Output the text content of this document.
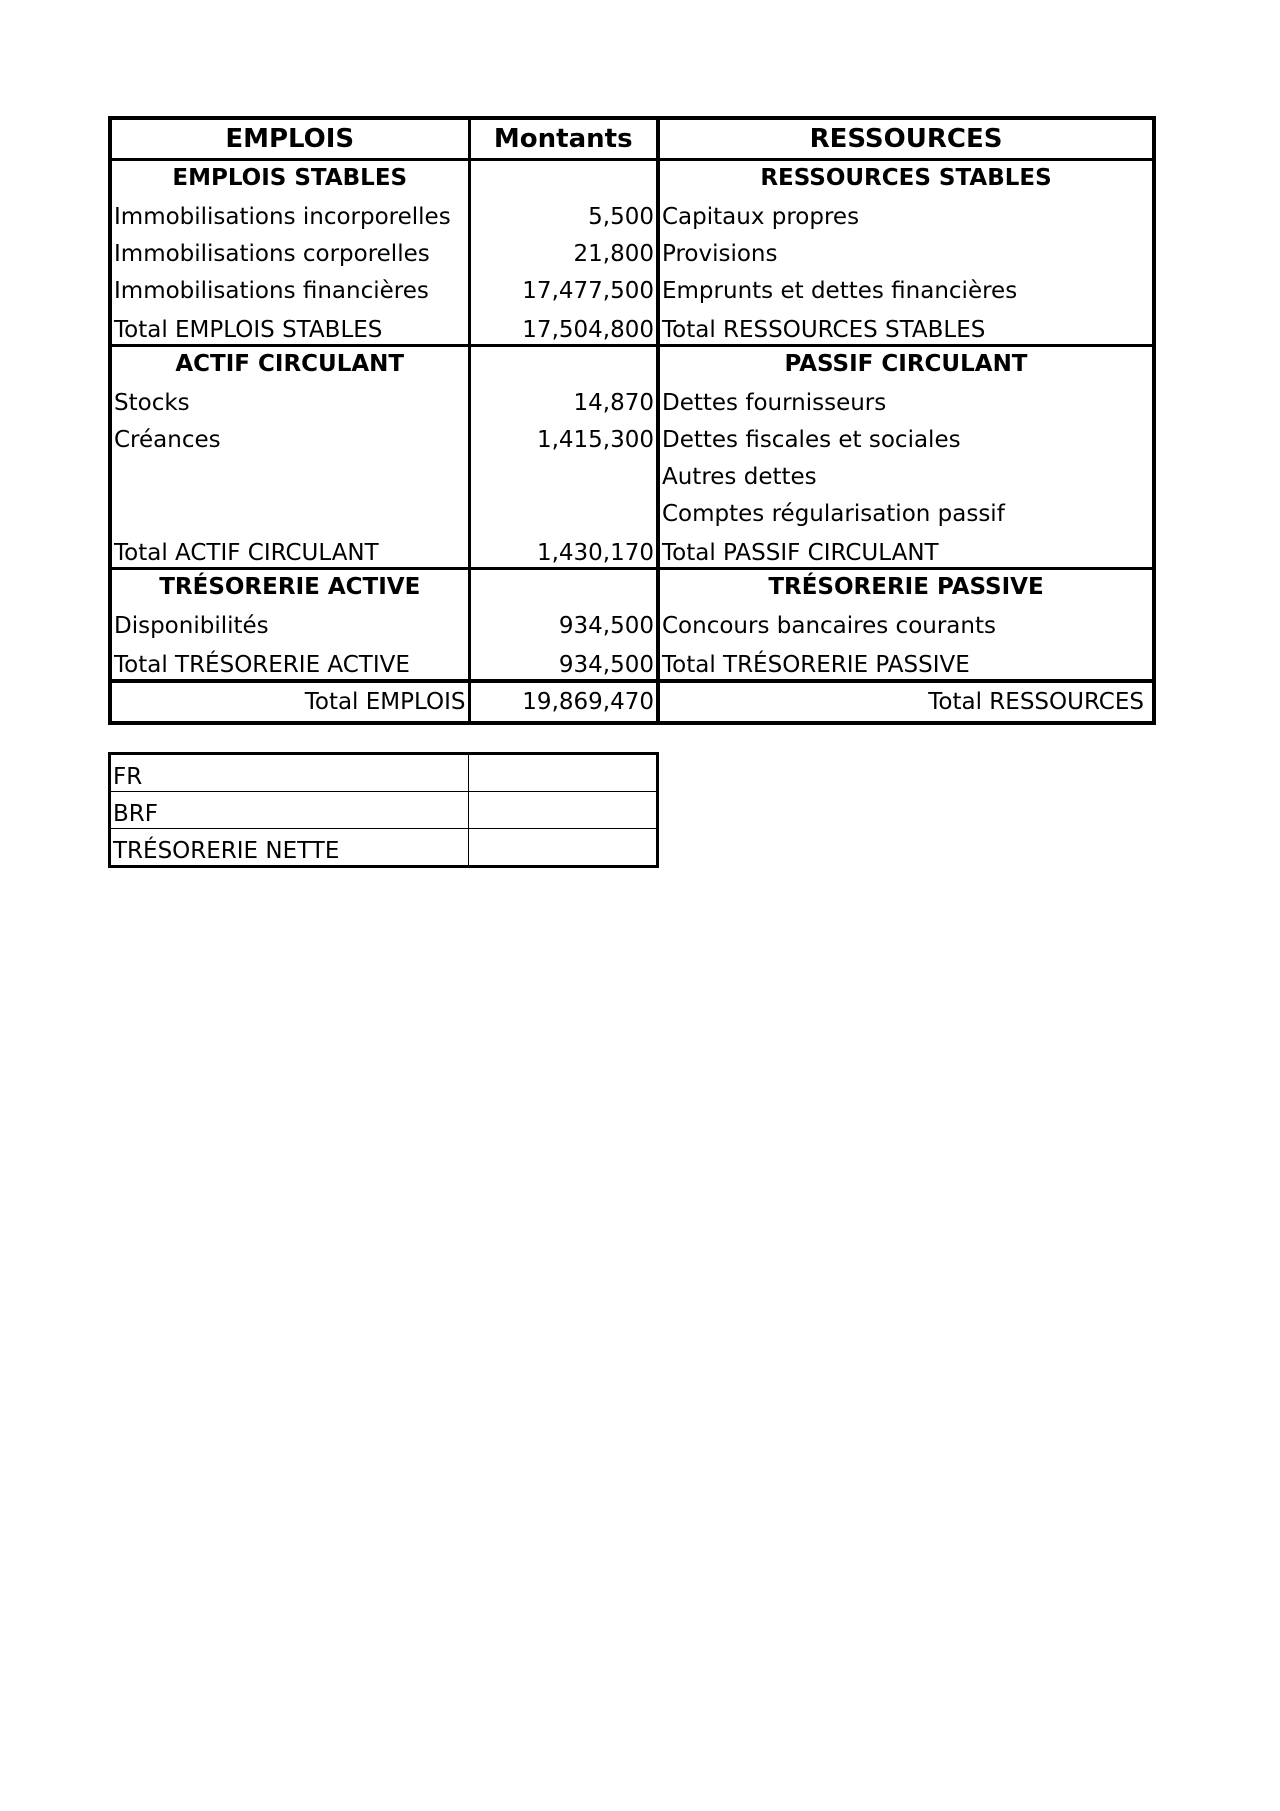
EMPLOIS	Montants	RESSOURCES
EMPLOIS STABLES		RESSOURCES STABLES
Immobilisations incorporelles	5,500	Capitaux propres
Immobilisations corporelles	21,800	Provisions
Immobilisations financières	17,477,500	Emprunts et dettes financières
Total EMPLOIS STABLES	17,504,800	Total RESSOURCES STABLES
ACTIF CIRCULANT		PASSIF CIRCULANT
Stocks	14,870	Dettes fournisseurs
Créances	1,415,300	Dettes fiscales et sociales
		Autres dettes
		Comptes régularisation passif
Total ACTIF CIRCULANT	1,430,170	Total PASSIF CIRCULANT
TRÉSORERIE ACTIVE		TRÉSORERIE PASSIVE
Disponibilités	934,500	Concours bancaires courants
Total TRÉSORERIE ACTIVE	934,500	Total TRÉSORERIE PASSIVE
Total EMPLOIS	19,869,470	Total RESSOURCES
FR	
BRF	
TRÉSORERIE NETTE	
